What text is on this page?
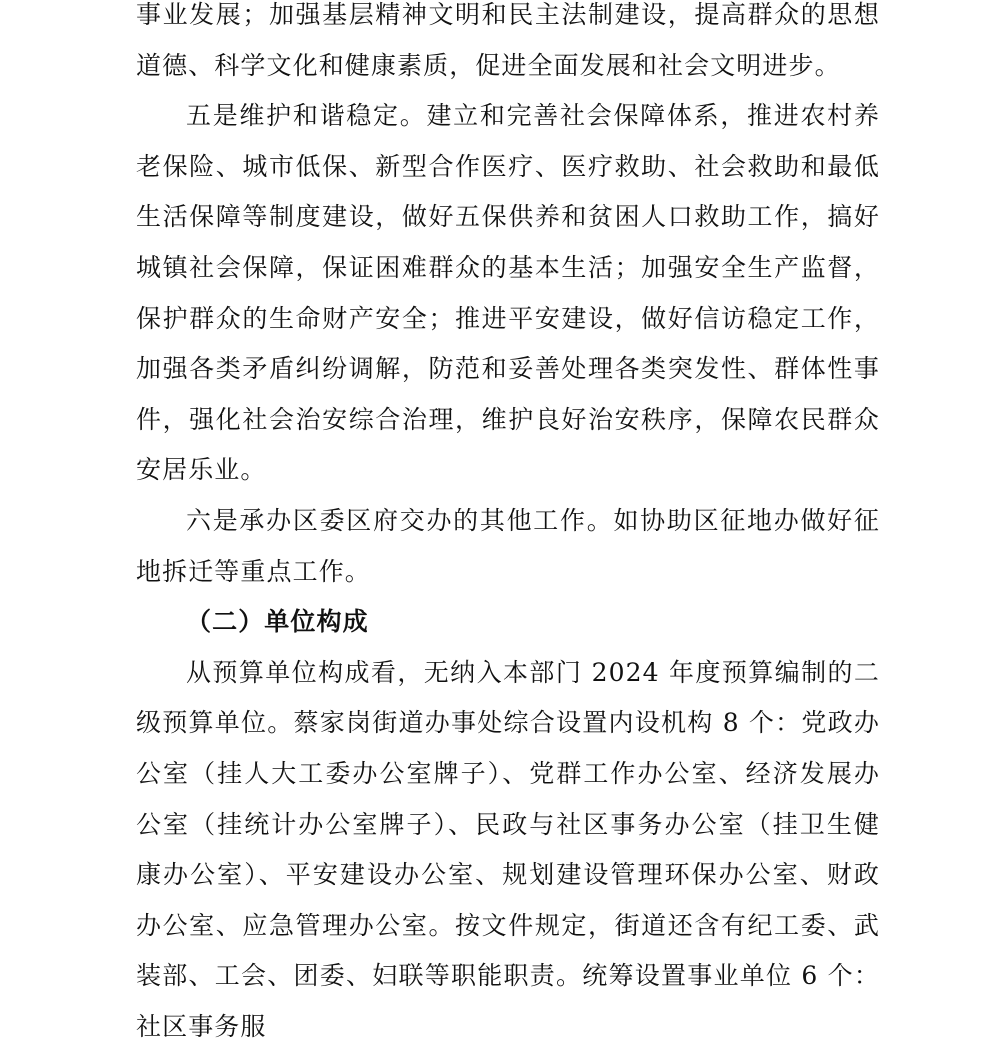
事业发展；加强基层精神文明和民主法制建设，提高群众的思想道德、科学文化和健康素质，促进全面发展和社会文明进步。

五是维护和谐稳定。建立和完善社会保障体系，推进农村养老保险、城市低保、新型合作医疗、医疗救助、社会救助和最低生活保障等制度建设，做好五保供养和贫困人口救助工作，搞好城镇社会保障，保证困难群众的基本生活；加强安全生产监督，保护群众的生命财产安全；推进平安建设，做好信访稳定工作，加强各类矛盾纠纷调解，防范和妥善处理各类突发性、群体性事件，强化社会治安综合治理，维护良好治安秩序，保障农民群众安居乐业。

六是承办区委区府交办的其他工作。如协助区征地办做好征地拆迁等重点工作。

（二）单位构成

从预算单位构成看，无纳入本部门 2024 年度预算编制的二级预算单位。蔡家岗街道办事处综合设置内设机构 8 个：党政办公室（挂人大工委办公室牌子）、党群工作办公室、经济发展办公室（挂统计办公室牌子）、民政与社区事务办公室（挂卫生健康办公室）、平安建设办公室、规划建设管理环保办公室、财政办公室、应急管理办公室。按文件规定，街道还含有纪工委、武装部、工会、团委、妇联等职能职责。统筹设置事业单位 6 个：社区事务服
